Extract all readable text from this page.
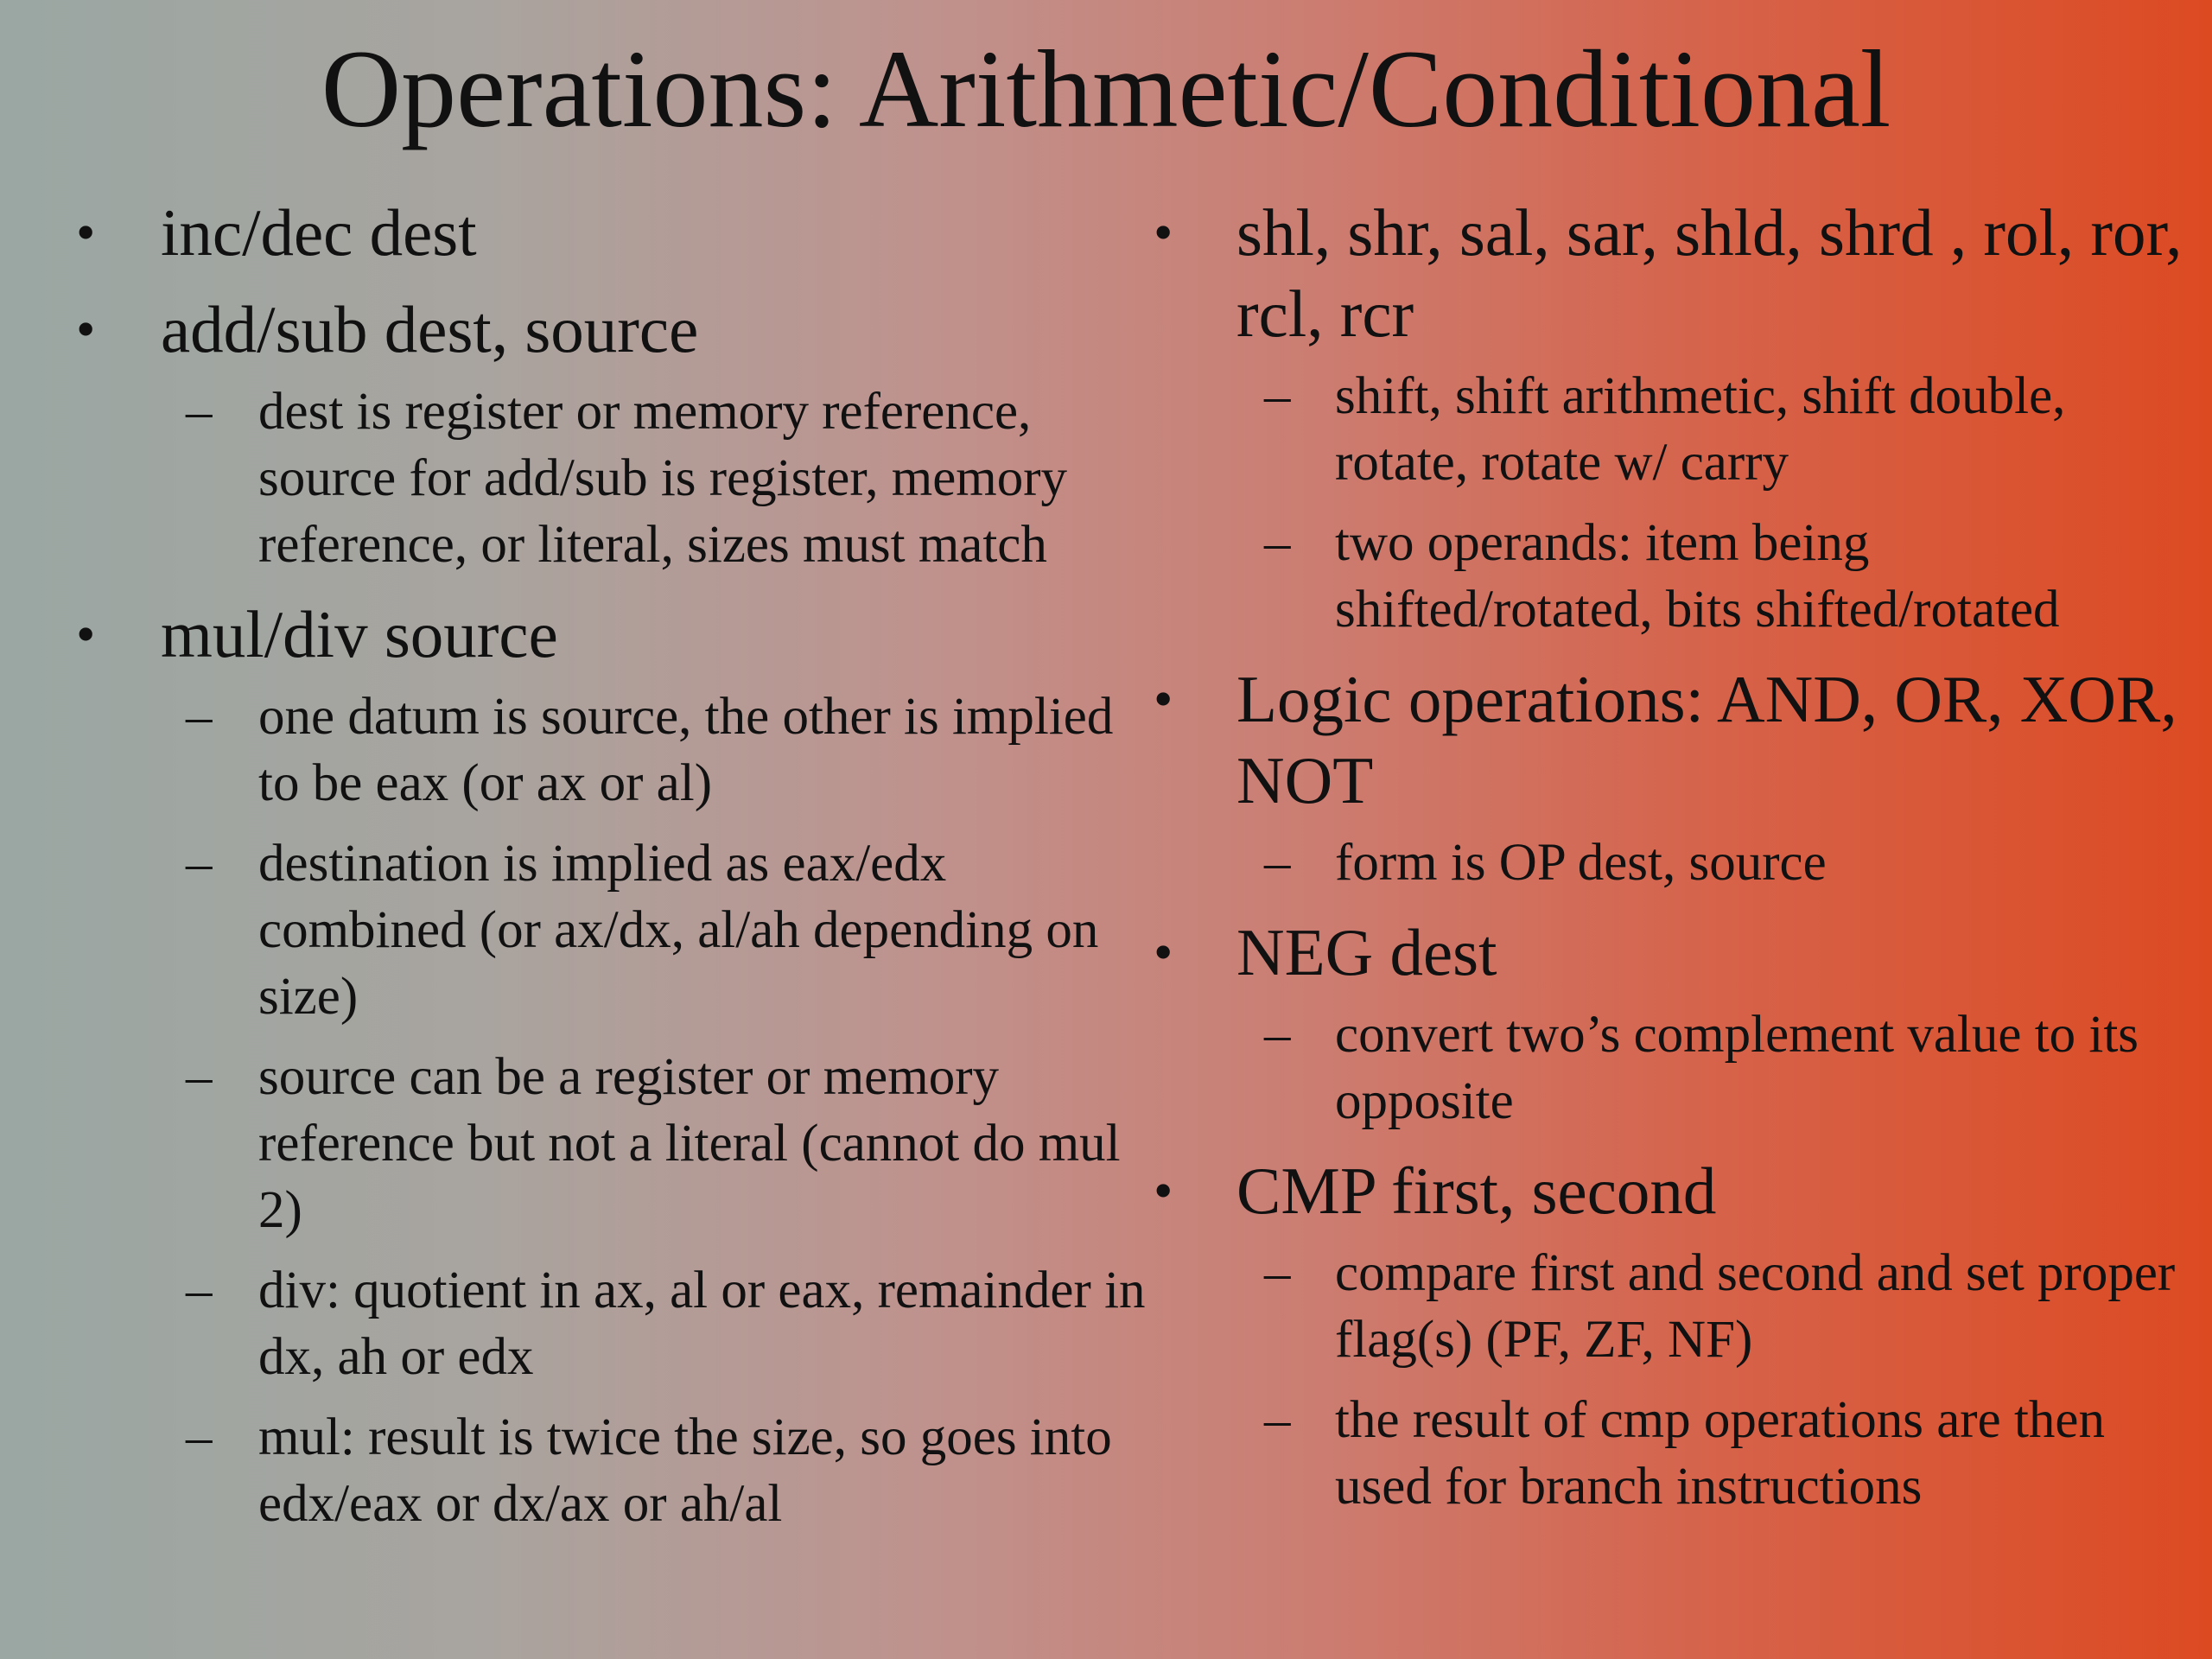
Operations: Arithmetic/Conditional
• inc/dec dest
• add/sub dest, source
– dest is register or memory reference, source for add/sub is register, memory reference, or literal, sizes must match
• mul/div source
– one datum is source, the other is implied to be eax (or ax or al)
– destination is implied as eax/edx combined (or ax/dx, al/ah depending on size)
– source can be a register or memory reference but not a literal (cannot do mul 2)
– div: quotient in ax, al or eax, remainder in dx, ah or edx
– mul: result is twice the size, so goes into edx/eax or dx/ax or ah/al
• shl, shr, sal, sar, shld, shrd , rol, ror, rcl, rcr
– shift, shift arithmetic, shift double, rotate, rotate w/ carry
– two operands: item being shifted/rotated, bits shifted/rotated
• Logic operations: AND, OR, XOR, NOT
– form is OP dest, source
• NEG dest
– convert two’s complement value to its opposite
• CMP first, second
– compare first and second and set proper flag(s) (PF, ZF, NF)
– the result of cmp operations are then used for branch instructions
